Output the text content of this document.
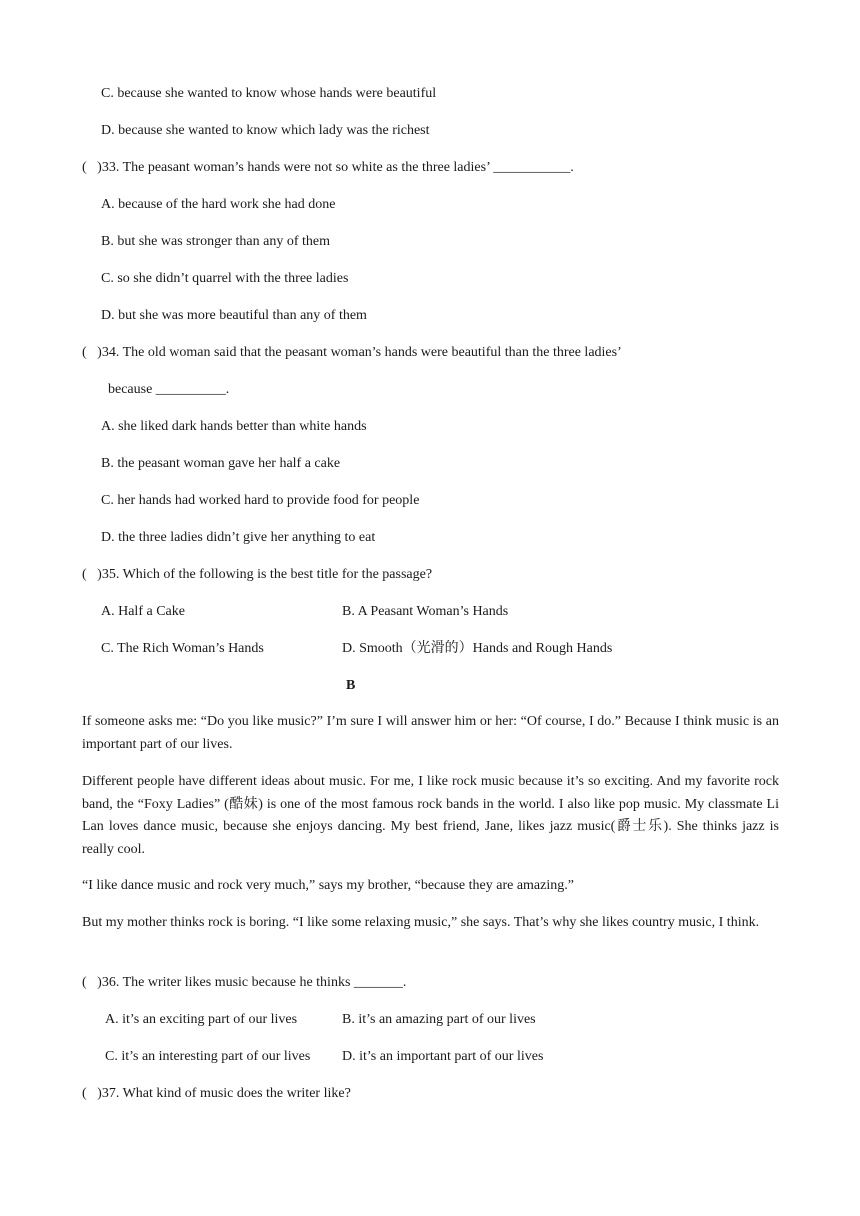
C. because she wanted to know whose hands were beautiful
D. because she wanted to know which lady was the richest
(   )33. The peasant woman’s hands were not so white as the three ladies’ ___________.
A. because of the hard work she had done
B. but she was stronger than any of them
C. so she didn’t quarrel with the three ladies
D. but she was more beautiful than any of them
(   )34. The old woman said that the peasant woman’s hands were beautiful than the three ladies’
because __________.
A. she liked dark hands better than white hands
B. the peasant woman gave her half a cake
C. her hands had worked hard to provide food for people
D. the three ladies didn’t give her anything to eat
(   )35. Which of the following is the best title for the passage?
A. Half a Cake	B. A Peasant Woman’s Hands
C. The Rich Woman’s Hands	D. Smooth（光滑的）Hands and Rough Hands
B
If someone asks me: “Do you like music?” I’m sure I will answer him or her: “Of course, I do.” Because I think music is an important part of our lives.
Different people have different ideas about music. For me, I like rock music because it’s so exciting. And my favorite rock band, the “Foxy Ladies” (酷妹) is one of the most famous rock bands in the world. I also like pop music. My classmate Li Lan loves dance music, because she enjoys dancing. My best friend, Jane, likes jazz music(爵士乐). She thinks jazz is really cool.
“I like dance music and rock very much,” says my brother, “because they are amazing.”
But my mother thinks rock is boring. “I like some relaxing music,” she says. That’s why she likes country music, I think.
(   )36. The writer likes music because he thinks _______.
A. it’s an exciting part of our lives	B. it’s an amazing part of our lives
C. it’s an interesting part of our lives D. it’s an important part of our lives
(   )37. What kind of music does the writer like?
